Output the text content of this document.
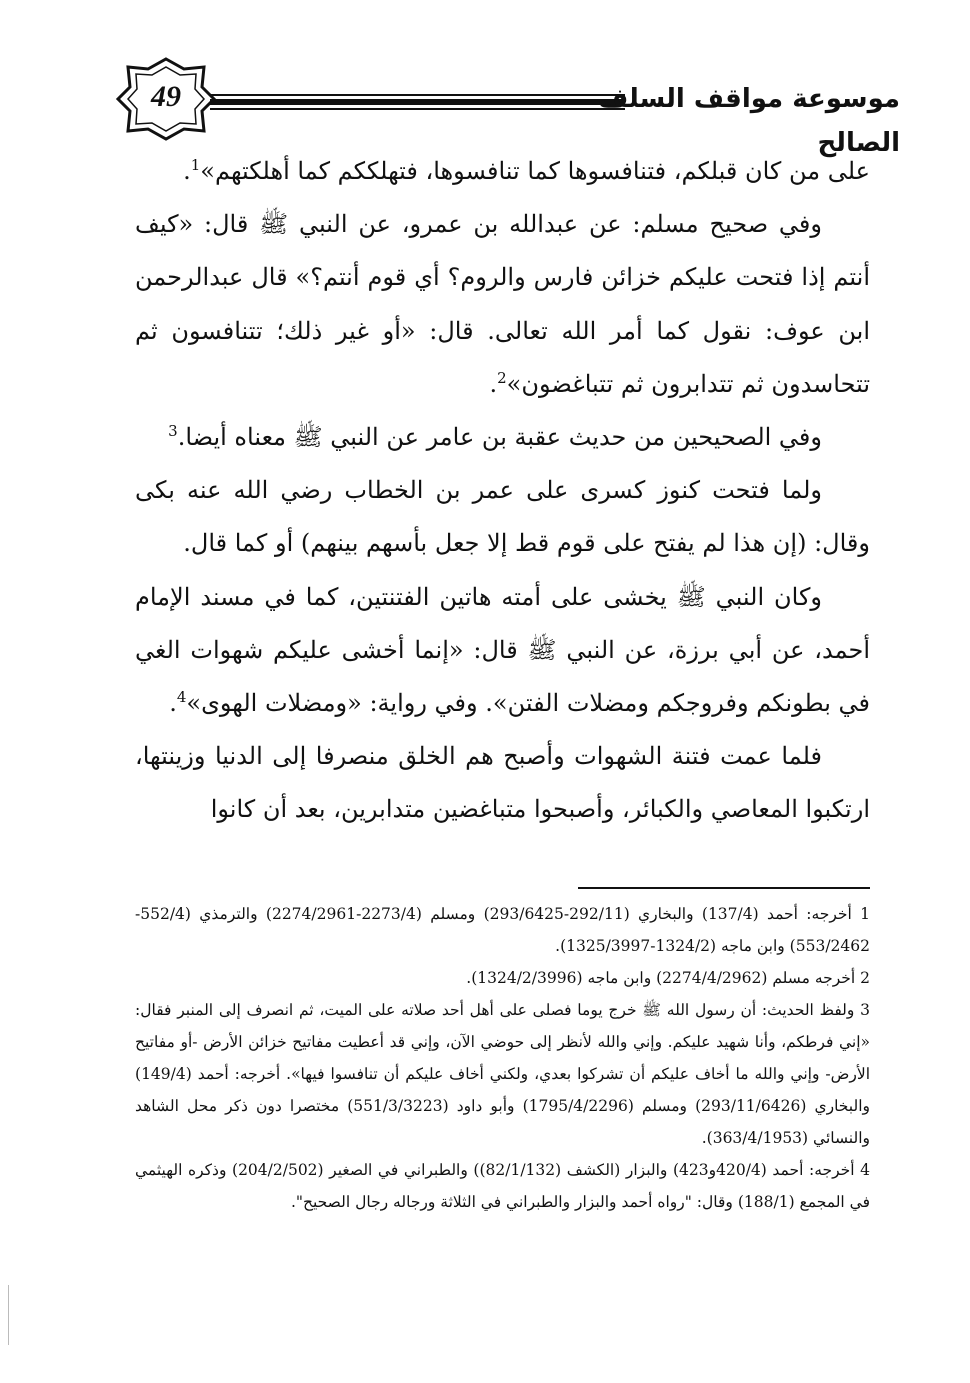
49	موسوعة مواقف السلف الصالح

على من كان قبلكم، فتنافسوها كما تنافسوها، فتهلككم كما أهلكتهم»$^1$.

وفي صحيح مسلم: عن عبدالله بن عمرو، عن النبي ﷺ قال: «كيف أنتم إذا فتحت عليكم خزائن فارس والروم؟ أي قوم أنتم؟» قال عبدالرحمن ابن عوف: نقول كما أمر الله تعالى. قال: «أو غير ذلك؛ تتنافسون ثم تتحاسدون ثم تتدابرون ثم تتباغضون»$^2$.

وفي الصحيحين من حديث عقبة بن عامر عن النبي ﷺ معناه أيضا.$^3$

ولما فتحت كنوز كسرى على عمر بن الخطاب رضي الله عنه بكى وقال: (إن هذا لم يفتح على قوم قط إلا جعل بأسهم بينهم) أو كما قال.

وكان النبي ﷺ يخشى على أمته هاتين الفتنتين، كما في مسند الإمام أحمد، عن أبي برزة، عن النبي ﷺ قال: «إنما أخشى عليكم شهوات الغي في بطونكم وفروجكم ومضلات الفتن». وفي رواية: «ومضلات الهوى»$^4$.

فلما عمت فتنة الشهوات وأصبح هم الخلق منصرفا إلى الدنيا وزينتها، ارتكبوا المعاصي والكبائر، وأصبحوا متباغضين متدابرين، بعد أن كانوا

1 أخرجه: أحمد (137/4) والبخاري (292/11-293/6425) ومسلم (2273/4-2274/2961) والترمذي (552/4-553/2462) وابن ماجه (1324/2-1325/3997).

2 أخرجه مسلم (2274/4/2962) وابن ماجه (1324/2/3996).

3 ولفظ الحديث: أن رسول الله ﷺ خرج يوما فصلى على أهل أحد صلاته على الميت، ثم انصرف إلى المنبر فقال: «إني فرطكم، وأنا شهيد عليكم. وإني والله لأنظر إلى حوضي الآن، وإني قد أعطيت مفاتيح خزائن الأرض -أو مفاتيح الأرض- وإني والله ما أخاف عليكم أن تشركوا بعدي، ولكني أخاف عليكم أن تنافسوا فيها». أخرجه: أحمد (149/4) والبخاري (293/11/6426) ومسلم (1795/4/2296) وأبو داود (551/3/3223) مختصرا دون ذكر محل الشاهد والنسائي (363/4/1953).

4 أخرجه: أحمد (420/4و423) والبزار (الكشف (82/1/132)) والطبراني في الصغير (204/2/502) وذكره الهيثمي في المجمع (188/1) وقال: "رواه أحمد والبزار والطبراني في الثلاثة ورجاله رجال الصحيح".
